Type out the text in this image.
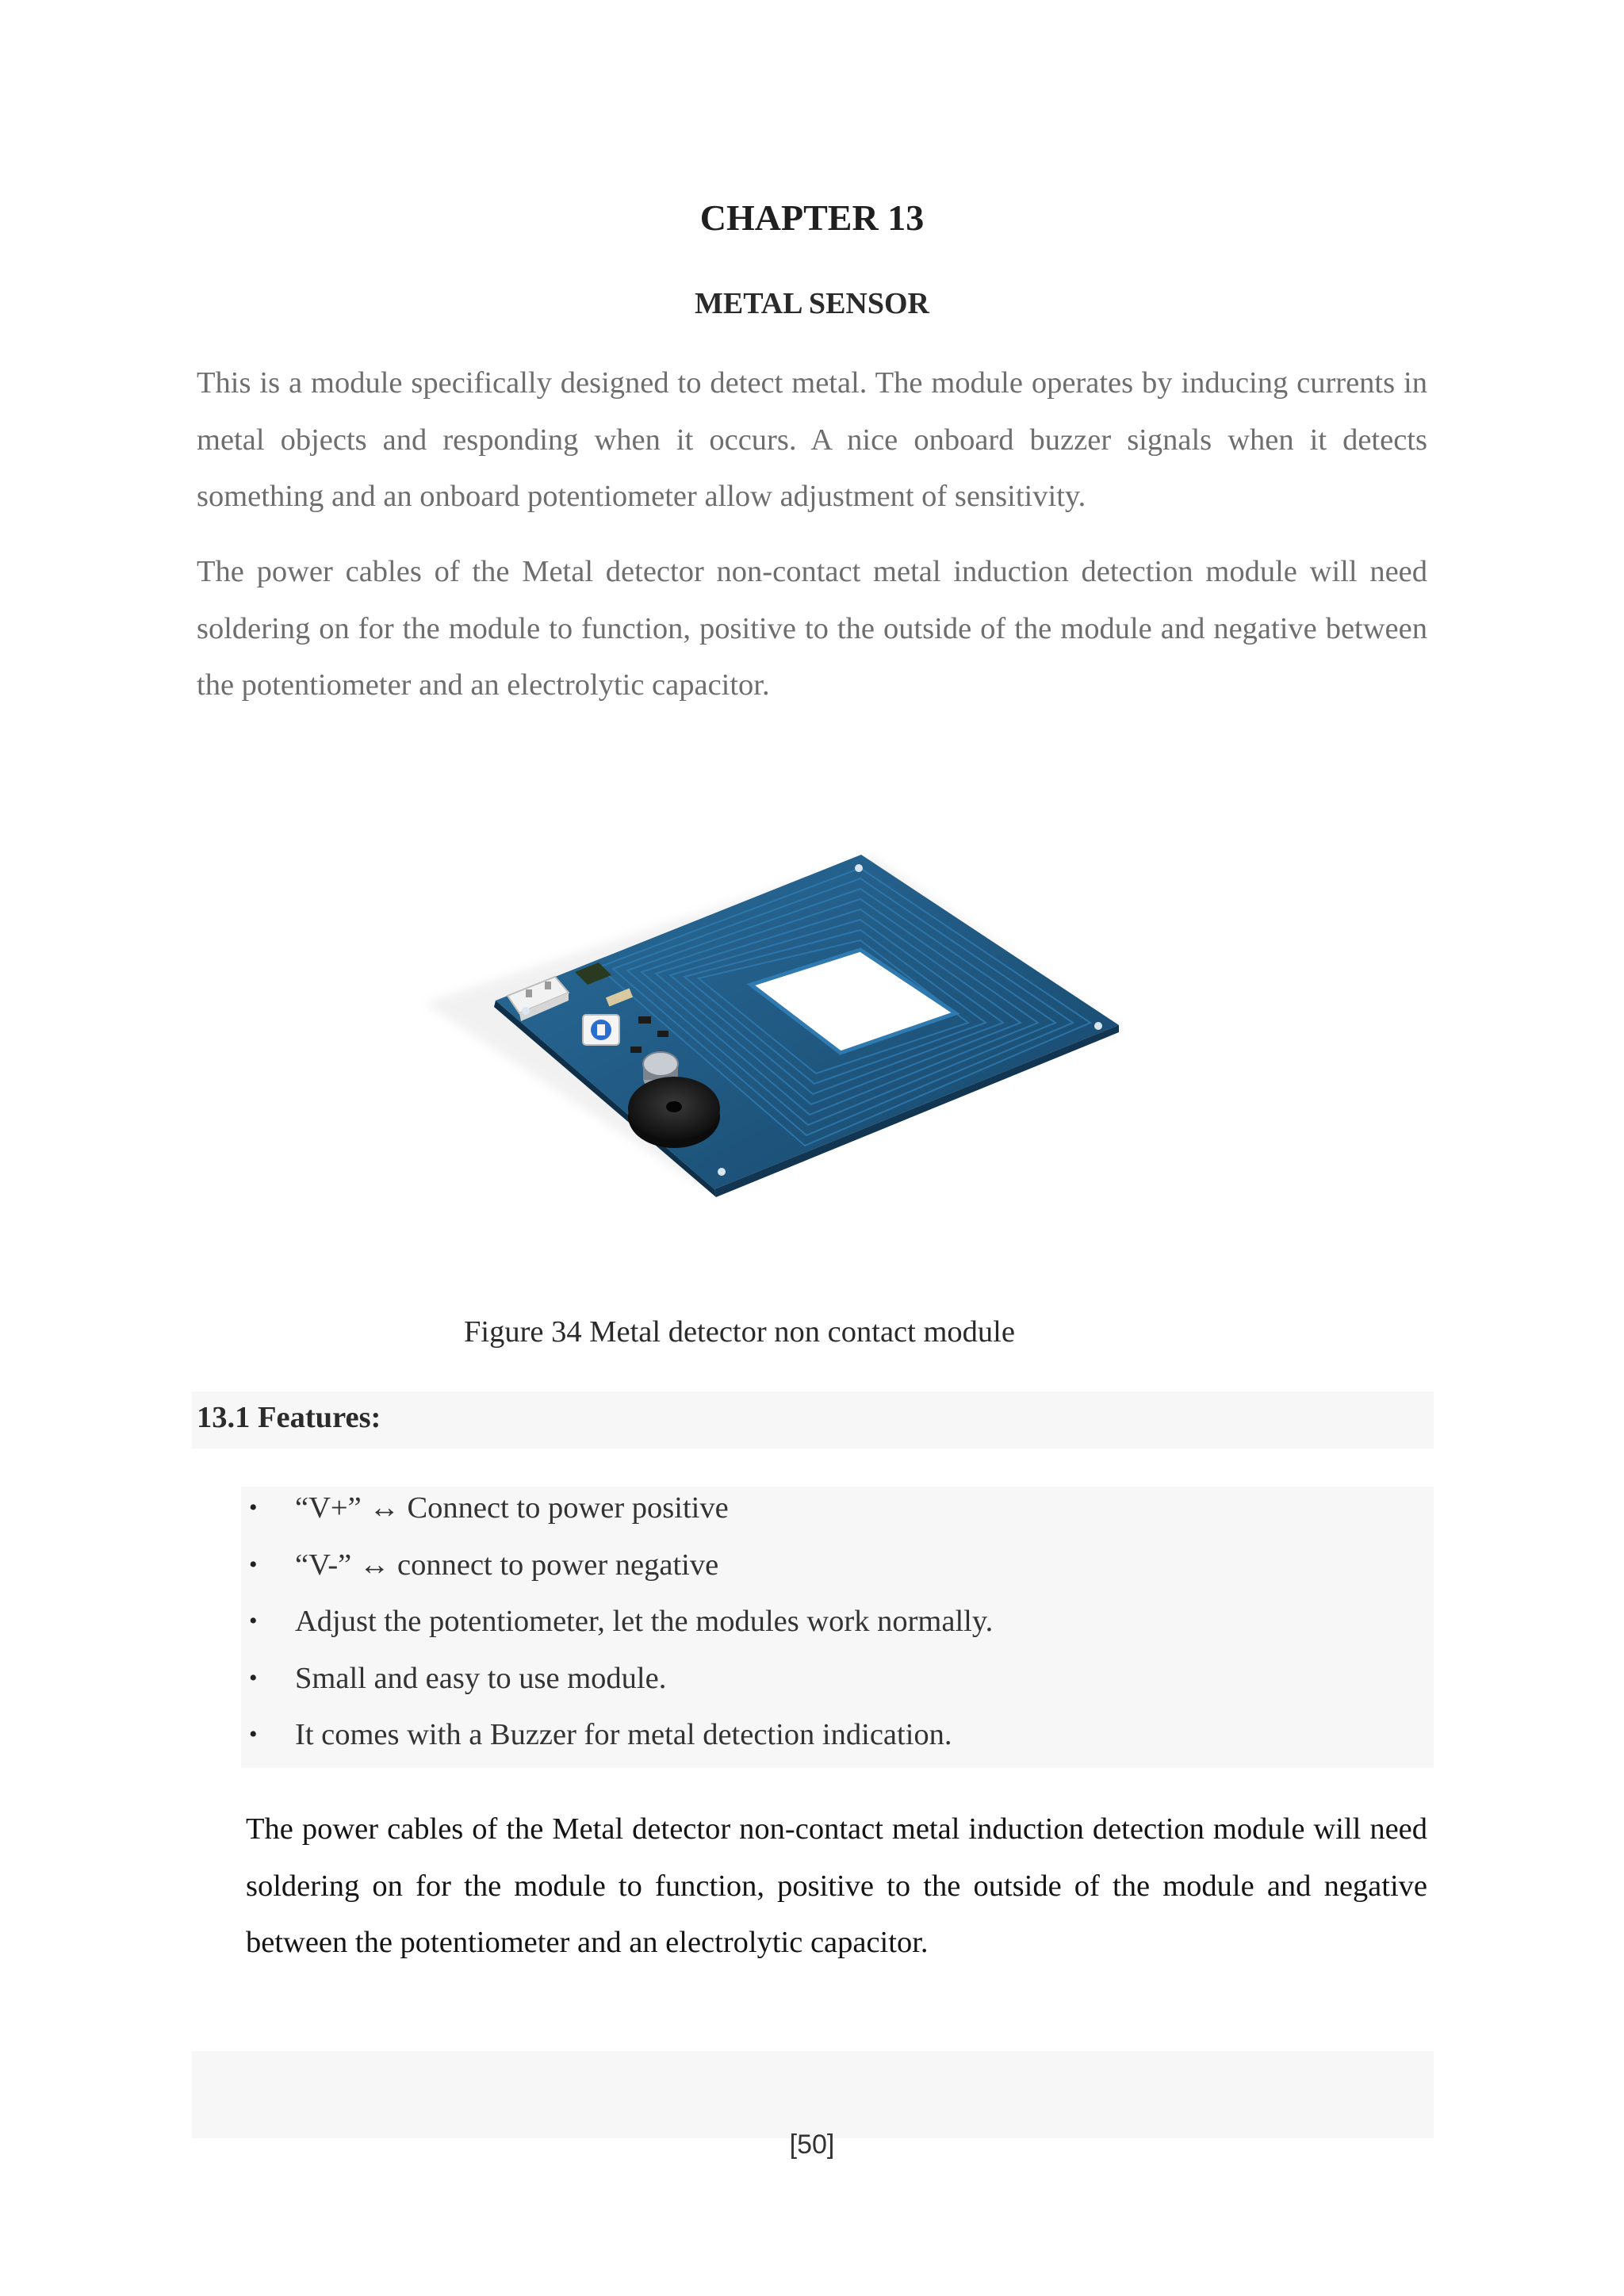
CHAPTER 13
METAL SENSOR

This is a module specifically designed to detect metal. The module operates by inducing currents in metal objects and responding when it occurs. A nice onboard buzzer signals when it detects something and an onboard potentiometer allow adjustment of sensitivity.

The power cables of the Metal detector non-contact metal induction detection module will need soldering on for the module to function, positive to the outside of the module and negative between the potentiometer and an electrolytic capacitor.

Figure 34 Metal detector non contact module
13.1 Features:
• “V+” ↔ Connect to power positive
• “V-” ↔ connect to power negative
• Adjust the potentiometer, let the modules work normally.
• Small and easy to use module.
• It comes with a Buzzer for metal detection indication.

The power cables of the Metal detector non-contact metal induction detection module will need soldering on for the module to function, positive to the outside of the module and negative between the potentiometer and an electrolytic capacitor.

[50]
